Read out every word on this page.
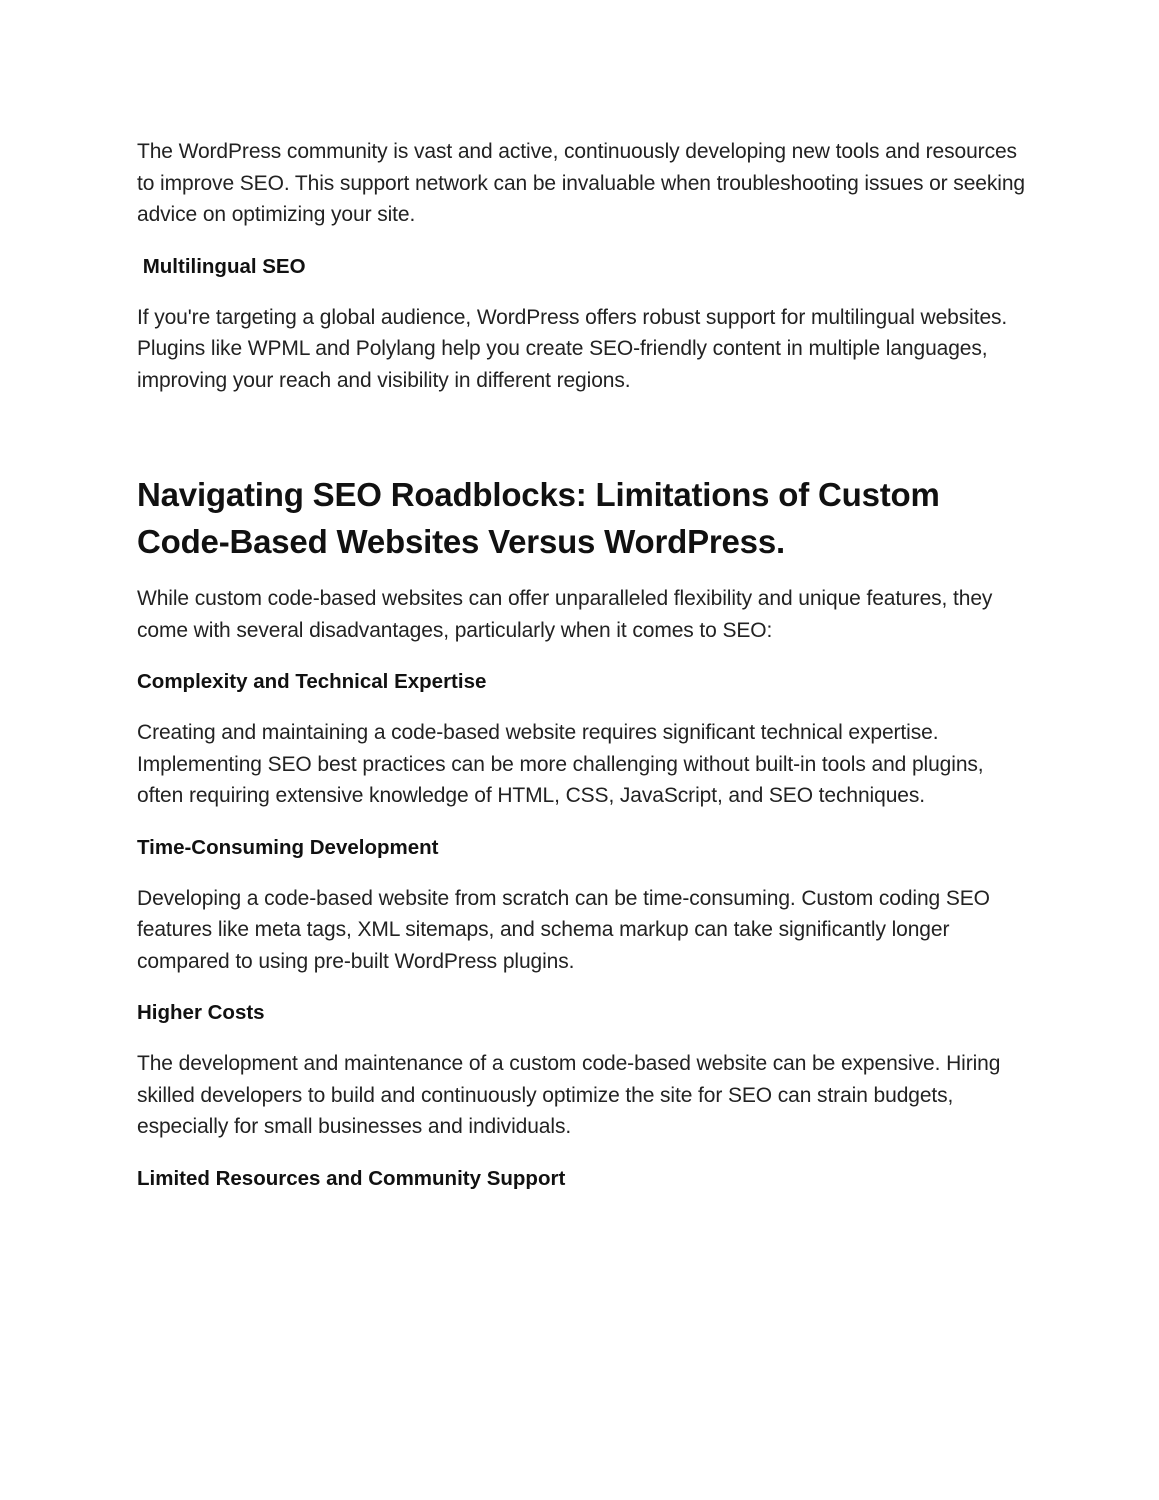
The WordPress community is vast and active, continuously developing new tools and resources to improve SEO. This support network can be invaluable when troubleshooting issues or seeking advice on optimizing your site.

Multilingual SEO

If you're targeting a global audience, WordPress offers robust support for multilingual websites. Plugins like WPML and Polylang help you create SEO-friendly content in multiple languages, improving your reach and visibility in different regions.

Navigating SEO Roadblocks: Limitations of Custom
Code-Based Websites Versus WordPress.

While custom code-based websites can offer unparalleled flexibility and unique features, they come with several disadvantages, particularly when it comes to SEO:

Complexity and Technical Expertise

Creating and maintaining a code-based website requires significant technical expertise. Implementing SEO best practices can be more challenging without built-in tools and plugins, often requiring extensive knowledge of HTML, CSS, JavaScript, and SEO techniques.

Time-Consuming Development

Developing a code-based website from scratch can be time-consuming. Custom coding SEO features like meta tags, XML sitemaps, and schema markup can take significantly longer compared to using pre-built WordPress plugins.

Higher Costs

The development and maintenance of a custom code-based website can be expensive. Hiring skilled developers to build and continuously optimize the site for SEO can strain budgets, especially for small businesses and individuals.

Limited Resources and Community Support
